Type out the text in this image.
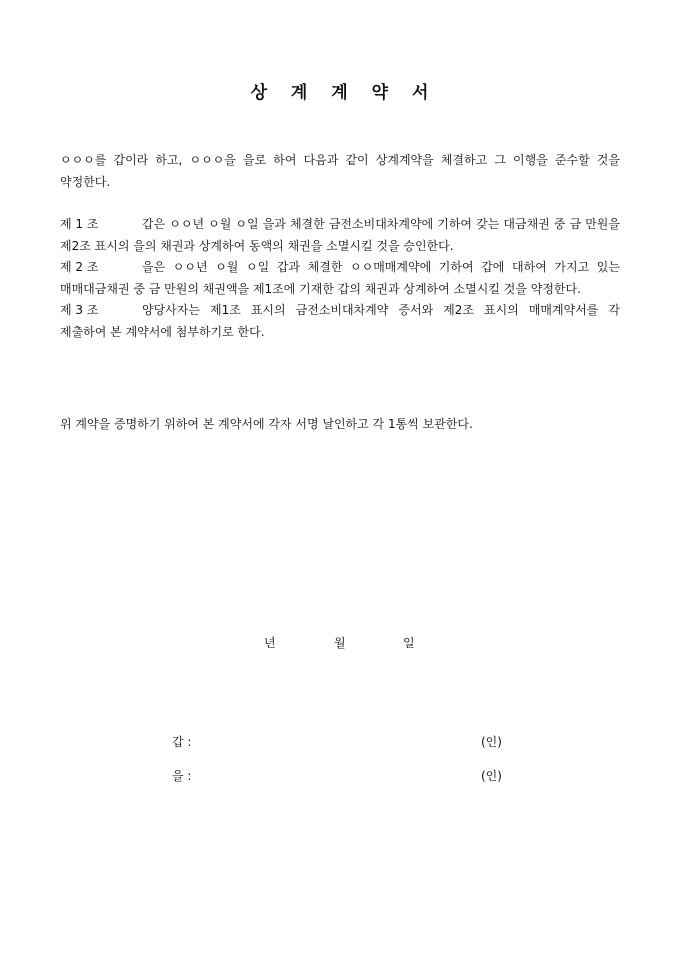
상 계 계 약 서

ㅇㅇㅇ를 갑이라 하고, ㅇㅇㅇ을 을로 하여 다음과 같이 상계계약을 체결하고 그 이행을 준수할 것을 약정한다.

제 1 조	갑은 ㅇㅇ년 ㅇ월 ㅇ일 을과 체결한 금전소비대차계약에 기하여 갖는 대금채권 중 금 만원을 제2조 표시의 을의 채권과 상계하여 동액의 채권을 소멸시킬 것을 승인한다.

제 2 조	을은 ㅇㅇ년 ㅇ월 ㅇ일 갑과 체결한 ㅇㅇ매매계약에 기하여 갑에 대하여 가지고 있는 매매대금채권 중 금 만원의 채권액을 제1조에 기재한 갑의 채권과 상계하여 소멸시킬 것을 약정한다.

제 3 조	양당사자는 제1조 표시의 금전소비대차계약 증서와 제2조 표시의 매매계약서를 각 제출하여 본 계약서에 첨부하기로 한다.

위 계약을 증명하기 위하여 본 계약서에 각자 서명 날인하고 각 1통씩 보관한다.

년	월	일
갑 :	(인)
을 :	(인)
